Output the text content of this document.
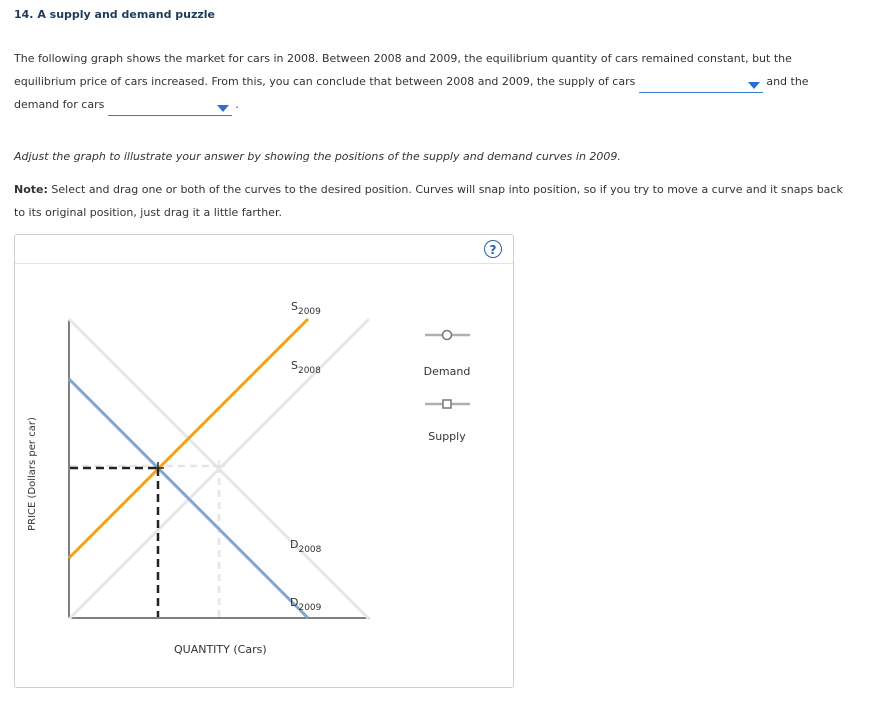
14. A supply and demand puzzle
The following graph shows the market for cars in 2008. Between 2008 and 2009, the equilibrium quantity of cars remained constant, but the
equilibrium price of cars increased. From this, you can conclude that between 2008 and 2009, the supply of cars	and the
demand for cars	.
Adjust the graph to illustrate your answer by showing the positions of the supply and demand curves in 2009.
Note: Select and drag one or both of the curves to the desired position. Curves will snap into position, so if you try to move a curve and it snaps back
to its original position, just drag it a little farther.
?
$S_{2009}$
$S_{2008}$
$D_{2008}$
$D_{2009}$
QUANTITY (Cars)
PRICE (Dollars per car)
Demand
Supply
